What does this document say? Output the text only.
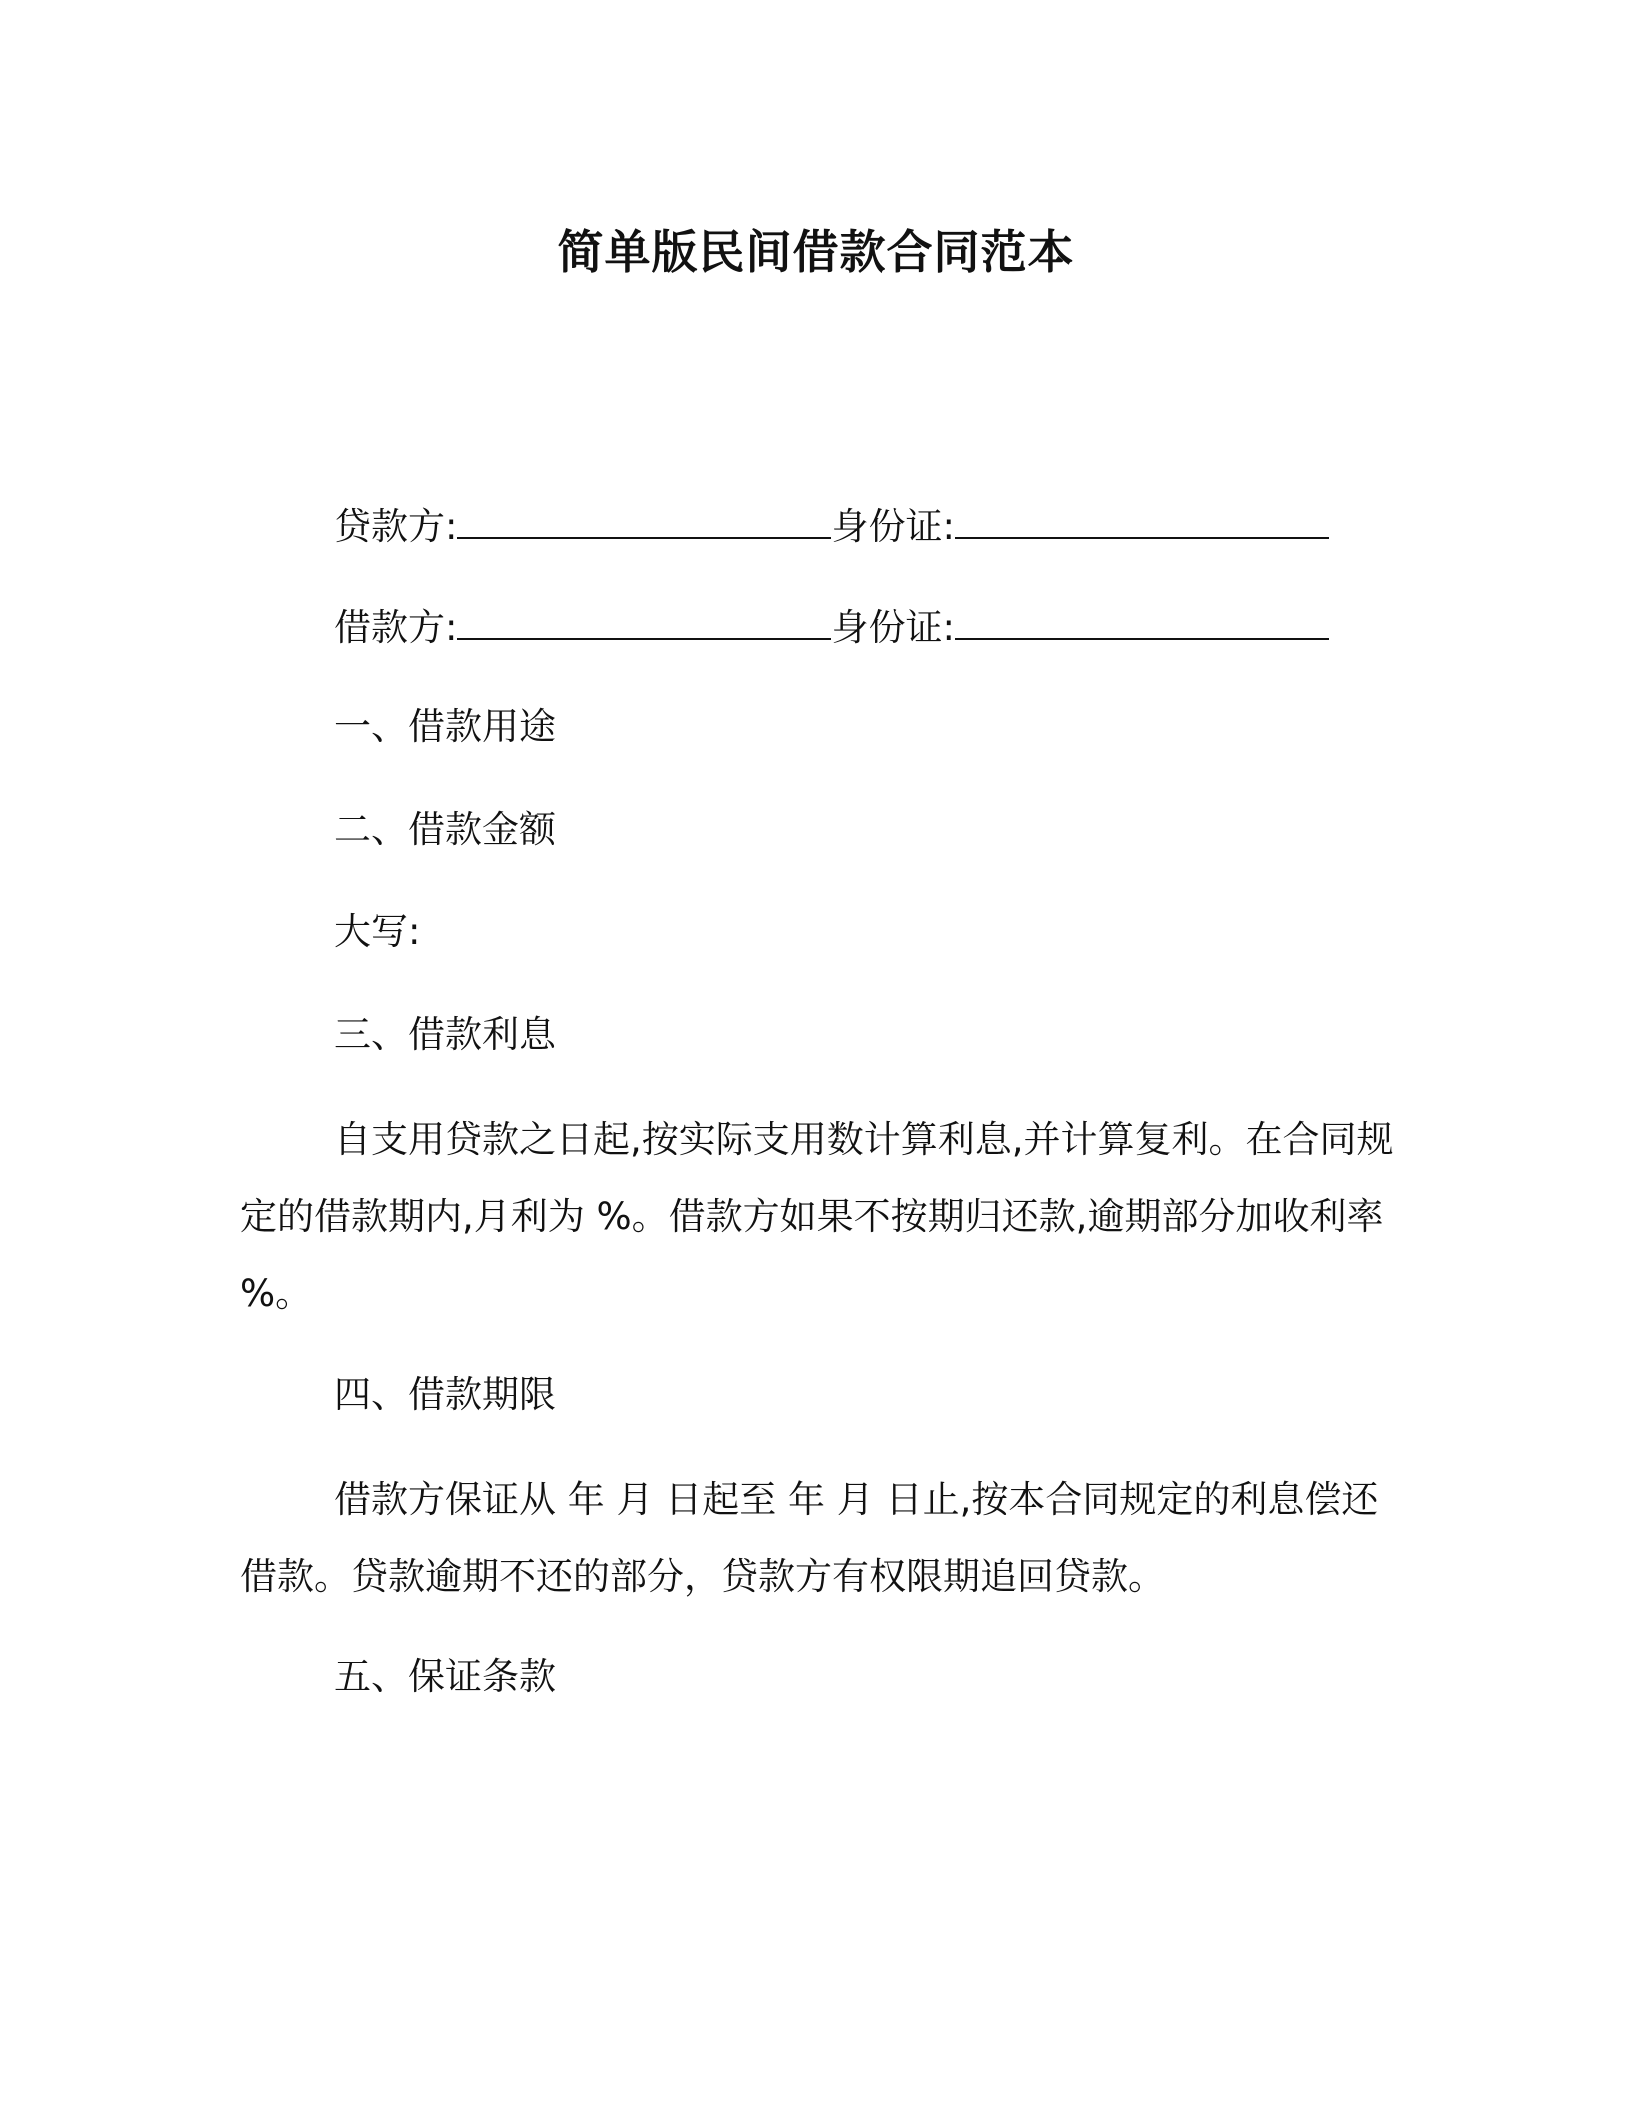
简单版民间借款合同范本
贷款方:	身份证:
借款方:	身份证:
一、借款用途
二、借款金额
大写:
三、借款利息
自支用贷款之日起,按实际支用数计算利息,并计算复利。在合同规定的借款期内,月利为 %。借款方如果不按期归还款,逾期部分加收利率 %。
四、借款期限
借款方保证从 年 月 日起至 年 月 日止,按本合同规定的利息偿还借款。贷款逾期不还的部分，贷款方有权限期追回贷款。
五、保证条款
